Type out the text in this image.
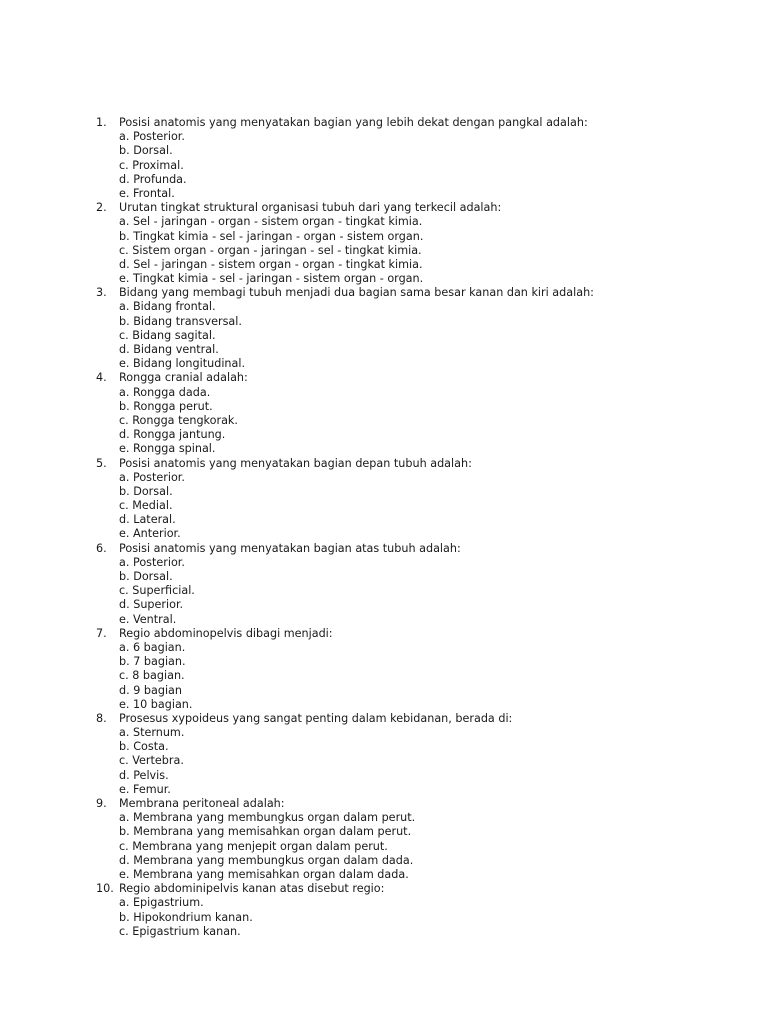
1.	Posisi anatomis yang menyatakan bagian yang lebih dekat dengan pangkal adalah:
a. Posterior.
b. Dorsal.
c. Proximal.
d. Profunda.
e. Frontal.
2.	Urutan tingkat struktural organisasi tubuh dari yang terkecil adalah:
a. Sel - jaringan - organ - sistem organ - tingkat kimia.
b. Tingkat kimia - sel - jaringan - organ - sistem organ.
c. Sistem organ - organ - jaringan - sel - tingkat kimia.
d. Sel - jaringan - sistem organ - organ - tingkat kimia.
e. Tingkat kimia - sel - jaringan - sistem organ - organ.
3.	Bidang yang membagi tubuh menjadi dua bagian sama besar kanan dan kiri adalah:
a. Bidang frontal.
b. Bidang transversal.
c. Bidang sagital.
d. Bidang ventral.
e. Bidang longitudinal.
4.	Rongga cranial adalah:
a. Rongga dada.
b. Rongga perut.
c. Rongga tengkorak.
d. Rongga jantung.
e. Rongga spinal.
5.	Posisi anatomis yang menyatakan bagian depan tubuh adalah:
a. Posterior.
b. Dorsal.
c. Medial.
d. Lateral.
e. Anterior.
6.	Posisi anatomis yang menyatakan bagian atas tubuh adalah:
a. Posterior.
b. Dorsal.
c. Superficial.
d. Superior.
e. Ventral.
7.	Regio abdominopelvis dibagi menjadi:
a. 6 bagian.
b. 7 bagian.
c. 8 bagian.
d. 9 bagian
e. 10 bagian.
8.	Prosesus xypoideus yang sangat penting dalam kebidanan, berada di:
a. Sternum.
b. Costa.
c. Vertebra.
d. Pelvis.
e. Femur.
9.	Membrana peritoneal adalah:
a. Membrana yang membungkus organ dalam perut.
b. Membrana yang memisahkan organ dalam perut.
c. Membrana yang menjepit organ dalam perut.
d. Membrana yang membungkus organ dalam dada.
e. Membrana yang memisahkan organ dalam dada.
10. Regio abdominipelvis kanan atas disebut regio:
a. Epigastrium.
b. Hipokondrium kanan.
c. Epigastrium kanan.
